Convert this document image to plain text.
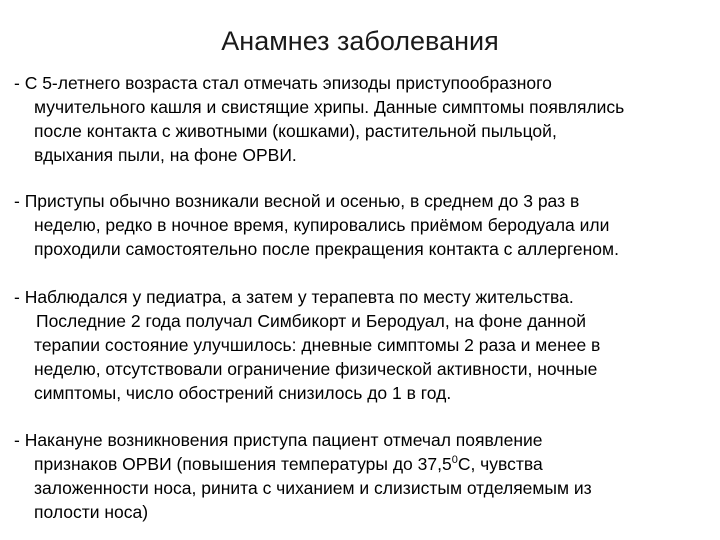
Анамнез заболевания
- С 5-летнего возраста стал отмечать эпизоды приступообразного
мучительного кашля и свистящие хрипы. Данные симптомы появлялись
после контакта с животными (кошками), растительной пыльцой,
вдыхания пыли, на фоне ОРВИ.
- Приступы обычно возникали весной и осенью, в среднем до 3 раз в
неделю, редко в ночное время, купировались приёмом беродуала или
проходили самостоятельно после прекращения контакта с аллергеном.
- Наблюдался у педиатра, а затем у терапевта по месту жительства.
Последние 2 года получал Симбикорт и Беродуал, на фоне данной
терапии состояние улучшилось: дневные симптомы 2 раза и менее в
неделю, отсутствовали ограничение физической активности, ночные
симптомы, число обострений снизилось до 1 в год.
- Накануне возникновения приступа пациент отмечал появление
признаков ОРВИ (повышения температуры до 37,5$^0$С, чувства
заложенности носа, ринита с чиханием и слизистым отделяемым из
полости носа)
